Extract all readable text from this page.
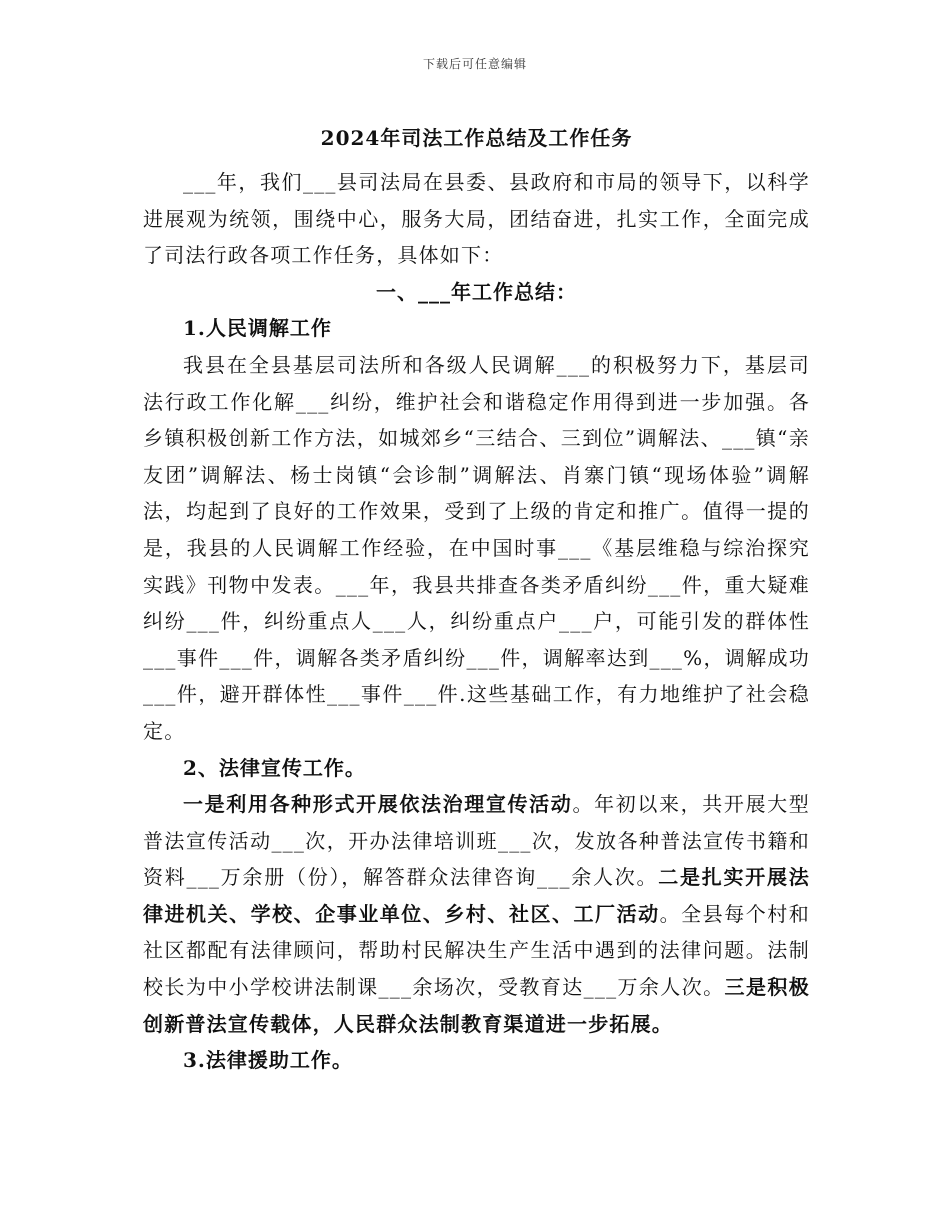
下载后可任意编辑
2024年司法工作总结及工作任务

___年，我们___县司法局在县委、县政府和市局的领导下，以科学进展观为统领，围绕中心，服务大局，团结奋进，扎实工作，全面完成了司法行政各项工作任务，具体如下：

一、___年工作总结：

1.人民调解工作

我县在全县基层司法所和各级人民调解___的积极努力下，基层司法行政工作化解___纠纷，维护社会和谐稳定作用得到进一步加强。各乡镇积极创新工作方法，如城郊乡“三结合、三到位”调解法、___镇“亲友团”调解法、杨士岗镇“会诊制”调解法、肖寨门镇“现场体验”调解法，均起到了良好的工作效果，受到了上级的肯定和推广。值得一提的是，我县的人民调解工作经验，在中国时事___《基层维稳与综治探究实践》刊物中发表。___年，我县共排查各类矛盾纠纷___件，重大疑难纠纷___件，纠纷重点人___人，纠纷重点户___户，可能引发的群体性___事件___件，调解各类矛盾纠纷___件，调解率达到___%，调解成功___件，避开群体性___事件___件.这些基础工作，有力地维护了社会稳定。

2、法律宣传工作。

一是利用各种形式开展依法治理宣传活动。年初以来，共开展大型普法宣传活动___次，开办法律培训班___次，发放各种普法宣传书籍和资料___万余册（份），解答群众法律咨询___余人次。二是扎实开展法律进机关、学校、企事业单位、乡村、社区、工厂活动。全县每个村和社区都配有法律顾问，帮助村民解决生产生活中遇到的法律问题。法制校长为中小学校讲法制课___余场次，受教育达___万余人次。三是积极创新普法宣传载体，人民群众法制教育渠道进一步拓展。

3.法律援助工作。
